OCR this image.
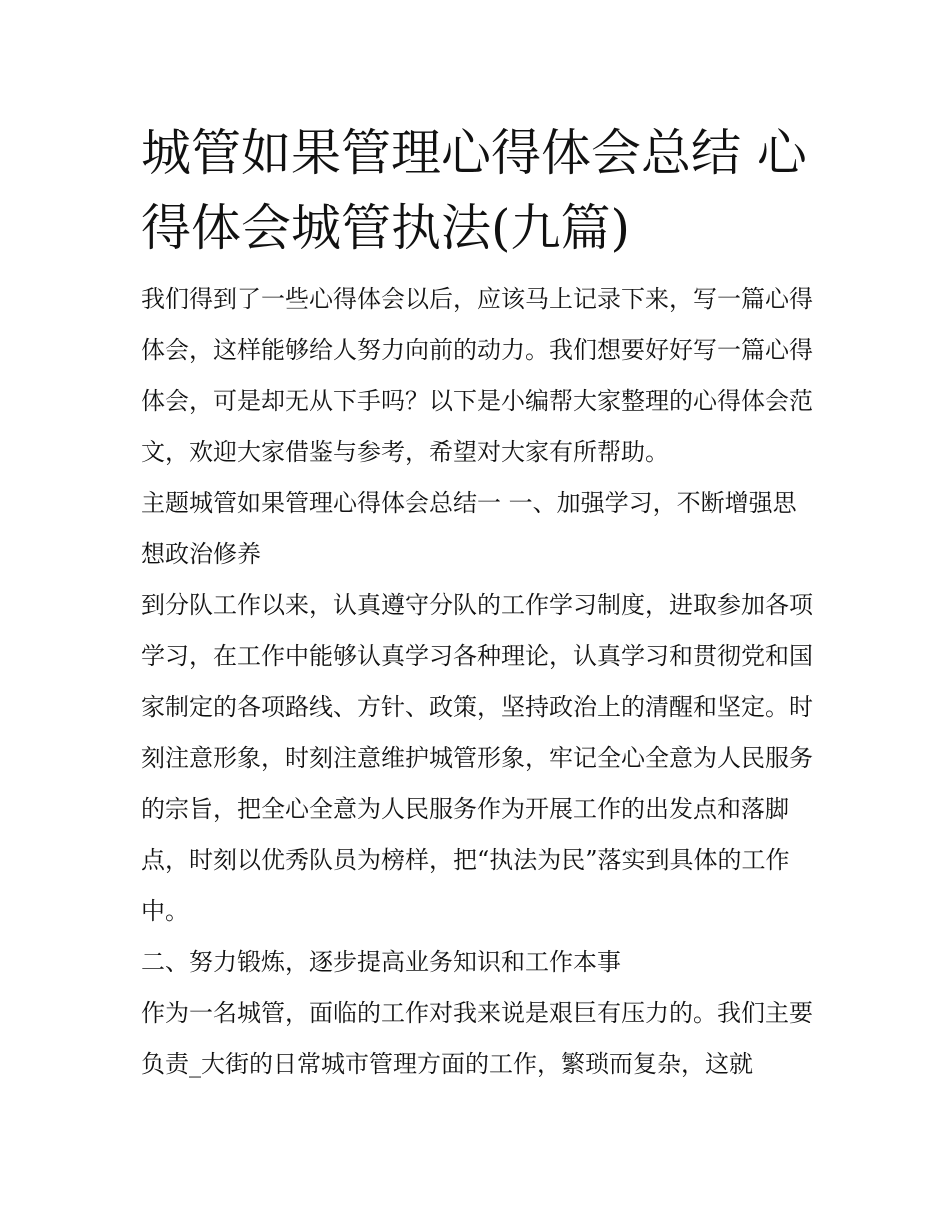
城管如果管理心得体会总结 心得体会城管执法(九篇)

我们得到了一些心得体会以后，应该马上记录下来，写一篇心得体会，这样能够给人努力向前的动力。我们想要好好写一篇心得体会，可是却无从下手吗？以下是小编帮大家整理的心得体会范文，欢迎大家借鉴与参考，希望对大家有所帮助。

主题城管如果管理心得体会总结一 一、加强学习，不断增强思想政治修养

到分队工作以来，认真遵守分队的工作学习制度，进取参加各项学习，在工作中能够认真学习各种理论，认真学习和贯彻党和国家制定的各项路线、方针、政策，坚持政治上的清醒和坚定。时刻注意形象，时刻注意维护城管形象，牢记全心全意为人民服务的宗旨，把全心全意为人民服务作为开展工作的出发点和落脚点，时刻以优秀队员为榜样，把“执法为民”落实到具体的工作中。

二、努力锻炼，逐步提高业务知识和工作本事

作为一名城管，面临的工作对我来说是艰巨有压力的。我们主要负责_大街的日常城市管理方面的工作，繁琐而复杂，这就
